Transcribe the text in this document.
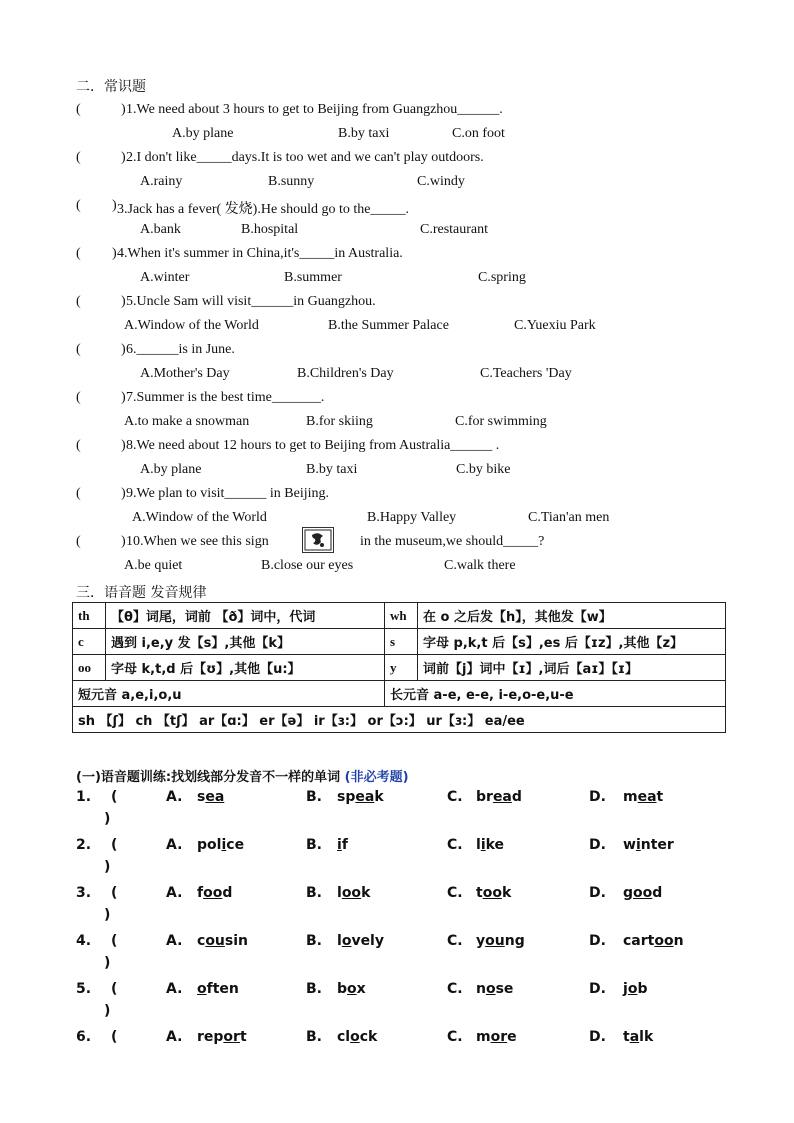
二．常识题
(	) 1.We need about 3 hours to get to Beijing from Guangzhou______.
A.by plane	B.by taxi	C.on foot
(	) 2.I don't like_____days.It is too wet and we can't play outdoors.
A.rainy	B.sunny	C.windy
( ) 3.Jack has a fever( 发烧).He should go to the_____.
A.bank	B.hospital	C.restaurant
( ) 4.When it's summer in China,it's_____in Australia.
A.winter	B.summer	C.spring
(	) 5.Uncle Sam will visit______in Guangzhou.
A.Window of the World	B.the Summer Palace	C.Yuexiu Park
(	) 6.______is in June.
A.Mother's Day	B.Children's Day	C.Teachers 'Day
(	) 7.Summer is the best time_______.
A.to make a snowman	B.for skiing	C.for swimming
(	) 8.We need about 12 hours to get to Beijing from Australia______ .
A.by plane	B.by taxi	C.by bike
(	) 9.We plan to visit______ in Beijing.
A.Window of the World	B.Happy Valley	C.Tian'an men
(	) 10.When we see this sign	in the museum,we should_____?
A.be quiet	B.close our eyes	C.walk there
三．语音题 发音规律
th	【θ】词尾，词前 【ð】词中，代词	wh	在 o 之后发【h】，其他发【w】
c	遇到 i,e,y 发【s】,其他【k】	s	字母 p,k,t 后【s】,es 后【ɪz】,其他【z】
oo	字母 k,t,d 后【ʊ】,其他【u:】	y	词前【j】词中【ɪ】,词后【aɪ】【ɪ】
短元音 a,e,i,o,u		长元音 a-e, e-e, i-e,o-e,u-e	
sh 【ʃ】 ch 【tʃ】 ar【ɑ:】 er【ə】 ir【ɜ:】 or【ɔ:】 ur【ɜ:】 ea/ee			
(一)语音题训练:找划线部分发音不一样的单词 (非必考题)
1. (
)
A. sea	B. speak	C. bread	D. meat
2. (
)
A. police	B. if	C. like	D. winter
3. (
)
A. food	B. look	C. took	D. good
4. (
)
A. cousin	B. lovely	C. young	D. cartoon
5. (
)
A. often	B. box	C. nose	D. job
6. (	A. report	B. clock	C. more	D. talk
